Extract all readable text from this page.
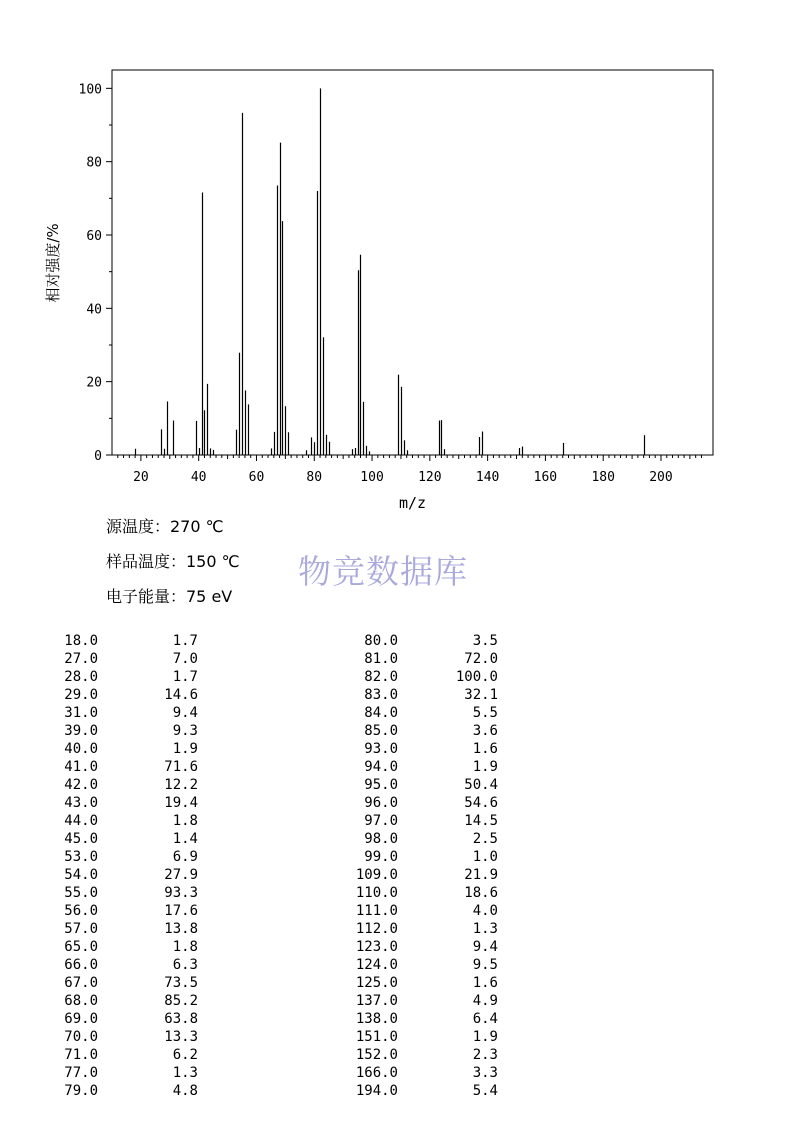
20	40	60	80	100	120	140	160	180	200
0
20
40
60
80
100
m/z
相对强度/%
源温度：270 ℃
样品温度：150 ℃
电子能量：75 eV
物竞数据库
18.0	1.7
27.0	7.0
28.0	1.7
29.0	14.6
31.0	9.4
39.0	9.3
40.0	1.9
41.0	71.6
42.0	12.2
43.0	19.4
44.0	1.8
45.0	1.4
53.0	6.9
54.0	27.9
55.0	93.3
56.0	17.6
57.0	13.8
65.0	1.8
66.0	6.3
67.0	73.5
68.0	85.2
69.0	63.8
70.0	13.3
71.0	6.2
77.0	1.3
79.0	4.8
80.0	3.5
81.0	72.0
82.0	100.0
83.0	32.1
84.0	5.5
85.0	3.6
93.0	1.6
94.0	1.9
95.0	50.4
96.0	54.6
97.0	14.5
98.0	2.5
99.0	1.0
109.0	21.9
110.0	18.6
111.0	4.0
112.0	1.3
123.0	9.4
124.0	9.5
125.0	1.6
137.0	4.9
138.0	6.4
151.0	1.9
152.0	2.3
166.0	3.3
194.0	5.4
